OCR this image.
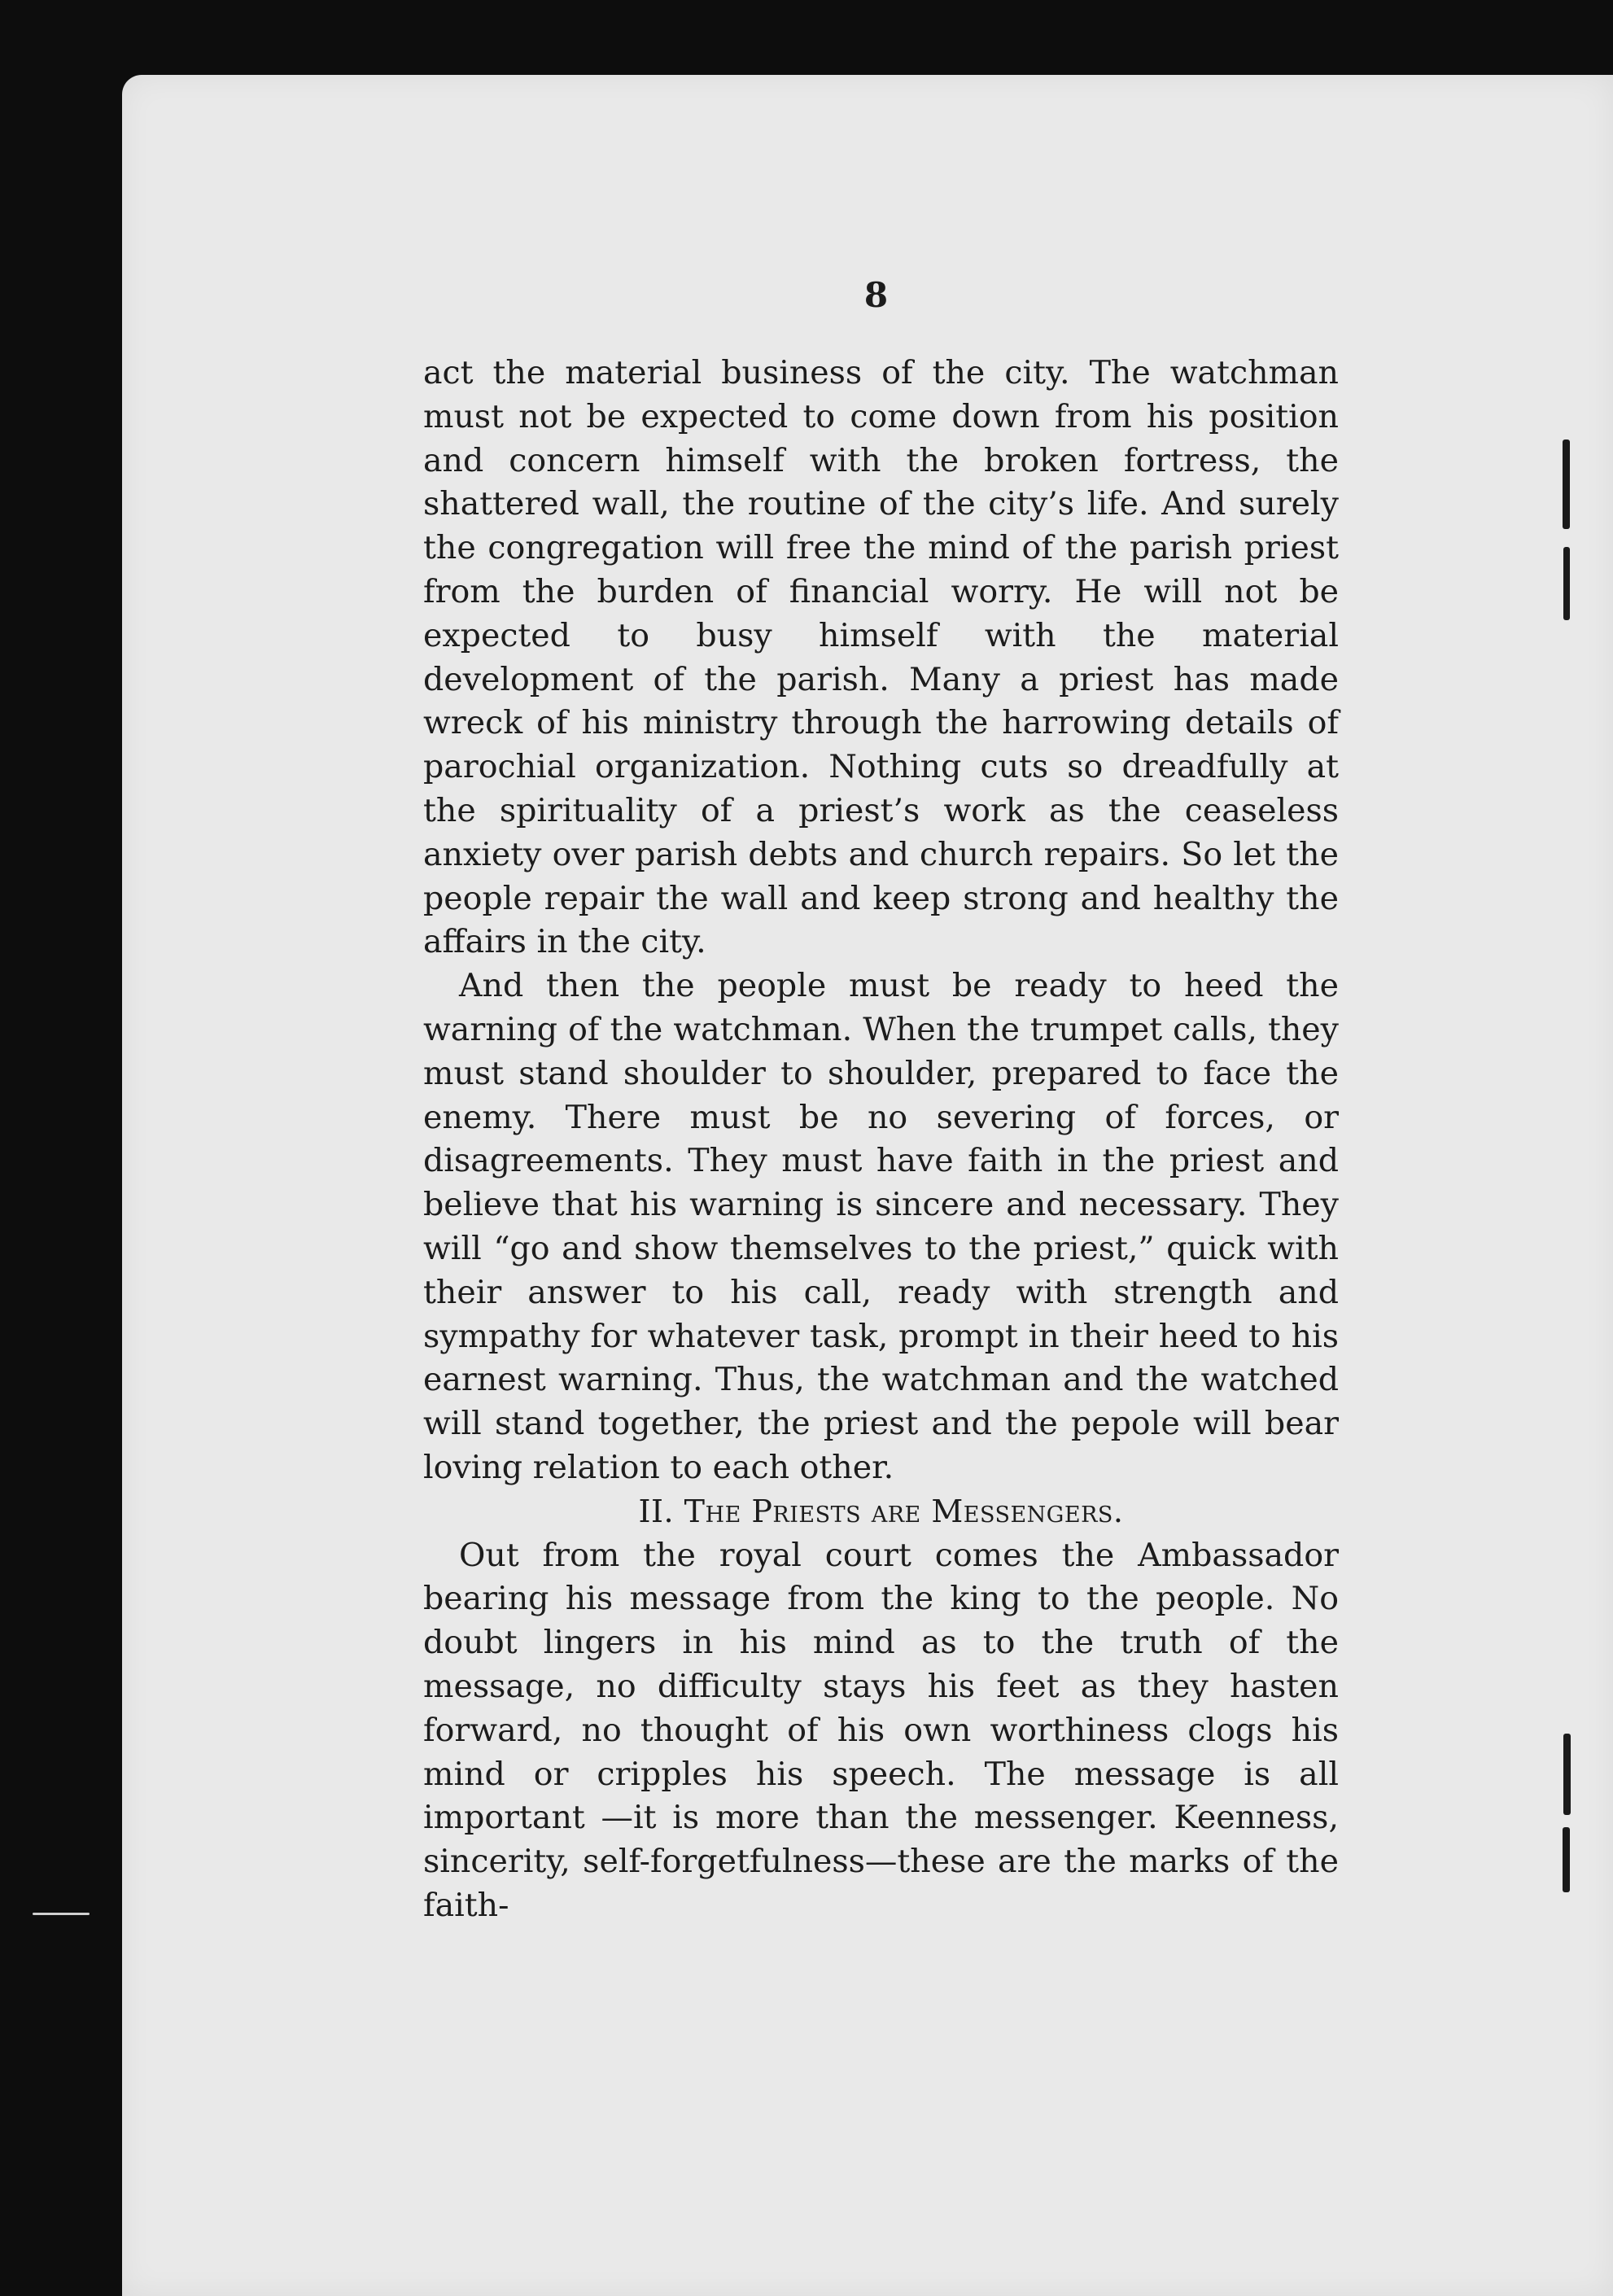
8

act the material business of the city. The watchman must not be expected to come down from his position and concern himself with the broken fortress, the shattered wall, the routine of the city’s life. And surely the congregation will free the mind of the parish priest from the burden of financial worry. He will not be expected to busy himself with the material development of the parish. Many a priest has made wreck of his ministry through the harrowing details of parochial organization. Nothing cuts so dreadfully at the spirituality of a priest’s work as the ceaseless anxiety over parish debts and church repairs. So let the people repair the wall and keep strong and healthy the affairs in the city.

And then the people must be ready to heed the warning of the watchman. When the trumpet calls, they must stand shoulder to shoulder, prepared to face the enemy. There must be no severing of forces, or disagreements. They must have faith in the priest and believe that his warning is sincere and necessary. They will “go and show themselves to the priest,” quick with their answer to his call, ready with strength and sympathy for whatever task, prompt in their heed to his earnest warning. Thus, the watchman and the watched will stand together, the priest and the pepole will bear loving relation to each other.

II. The Priests are Messengers.

Out from the royal court comes the Ambassador bearing his message from the king to the people. No doubt lingers in his mind as to the truth of the message, no difficulty stays his feet as they hasten forward, no thought of his own worthiness clogs his mind or cripples his speech. The message is all important —it is more than the messenger. Keenness, sincerity, self-forgetfulness—these are the marks of the faith-
